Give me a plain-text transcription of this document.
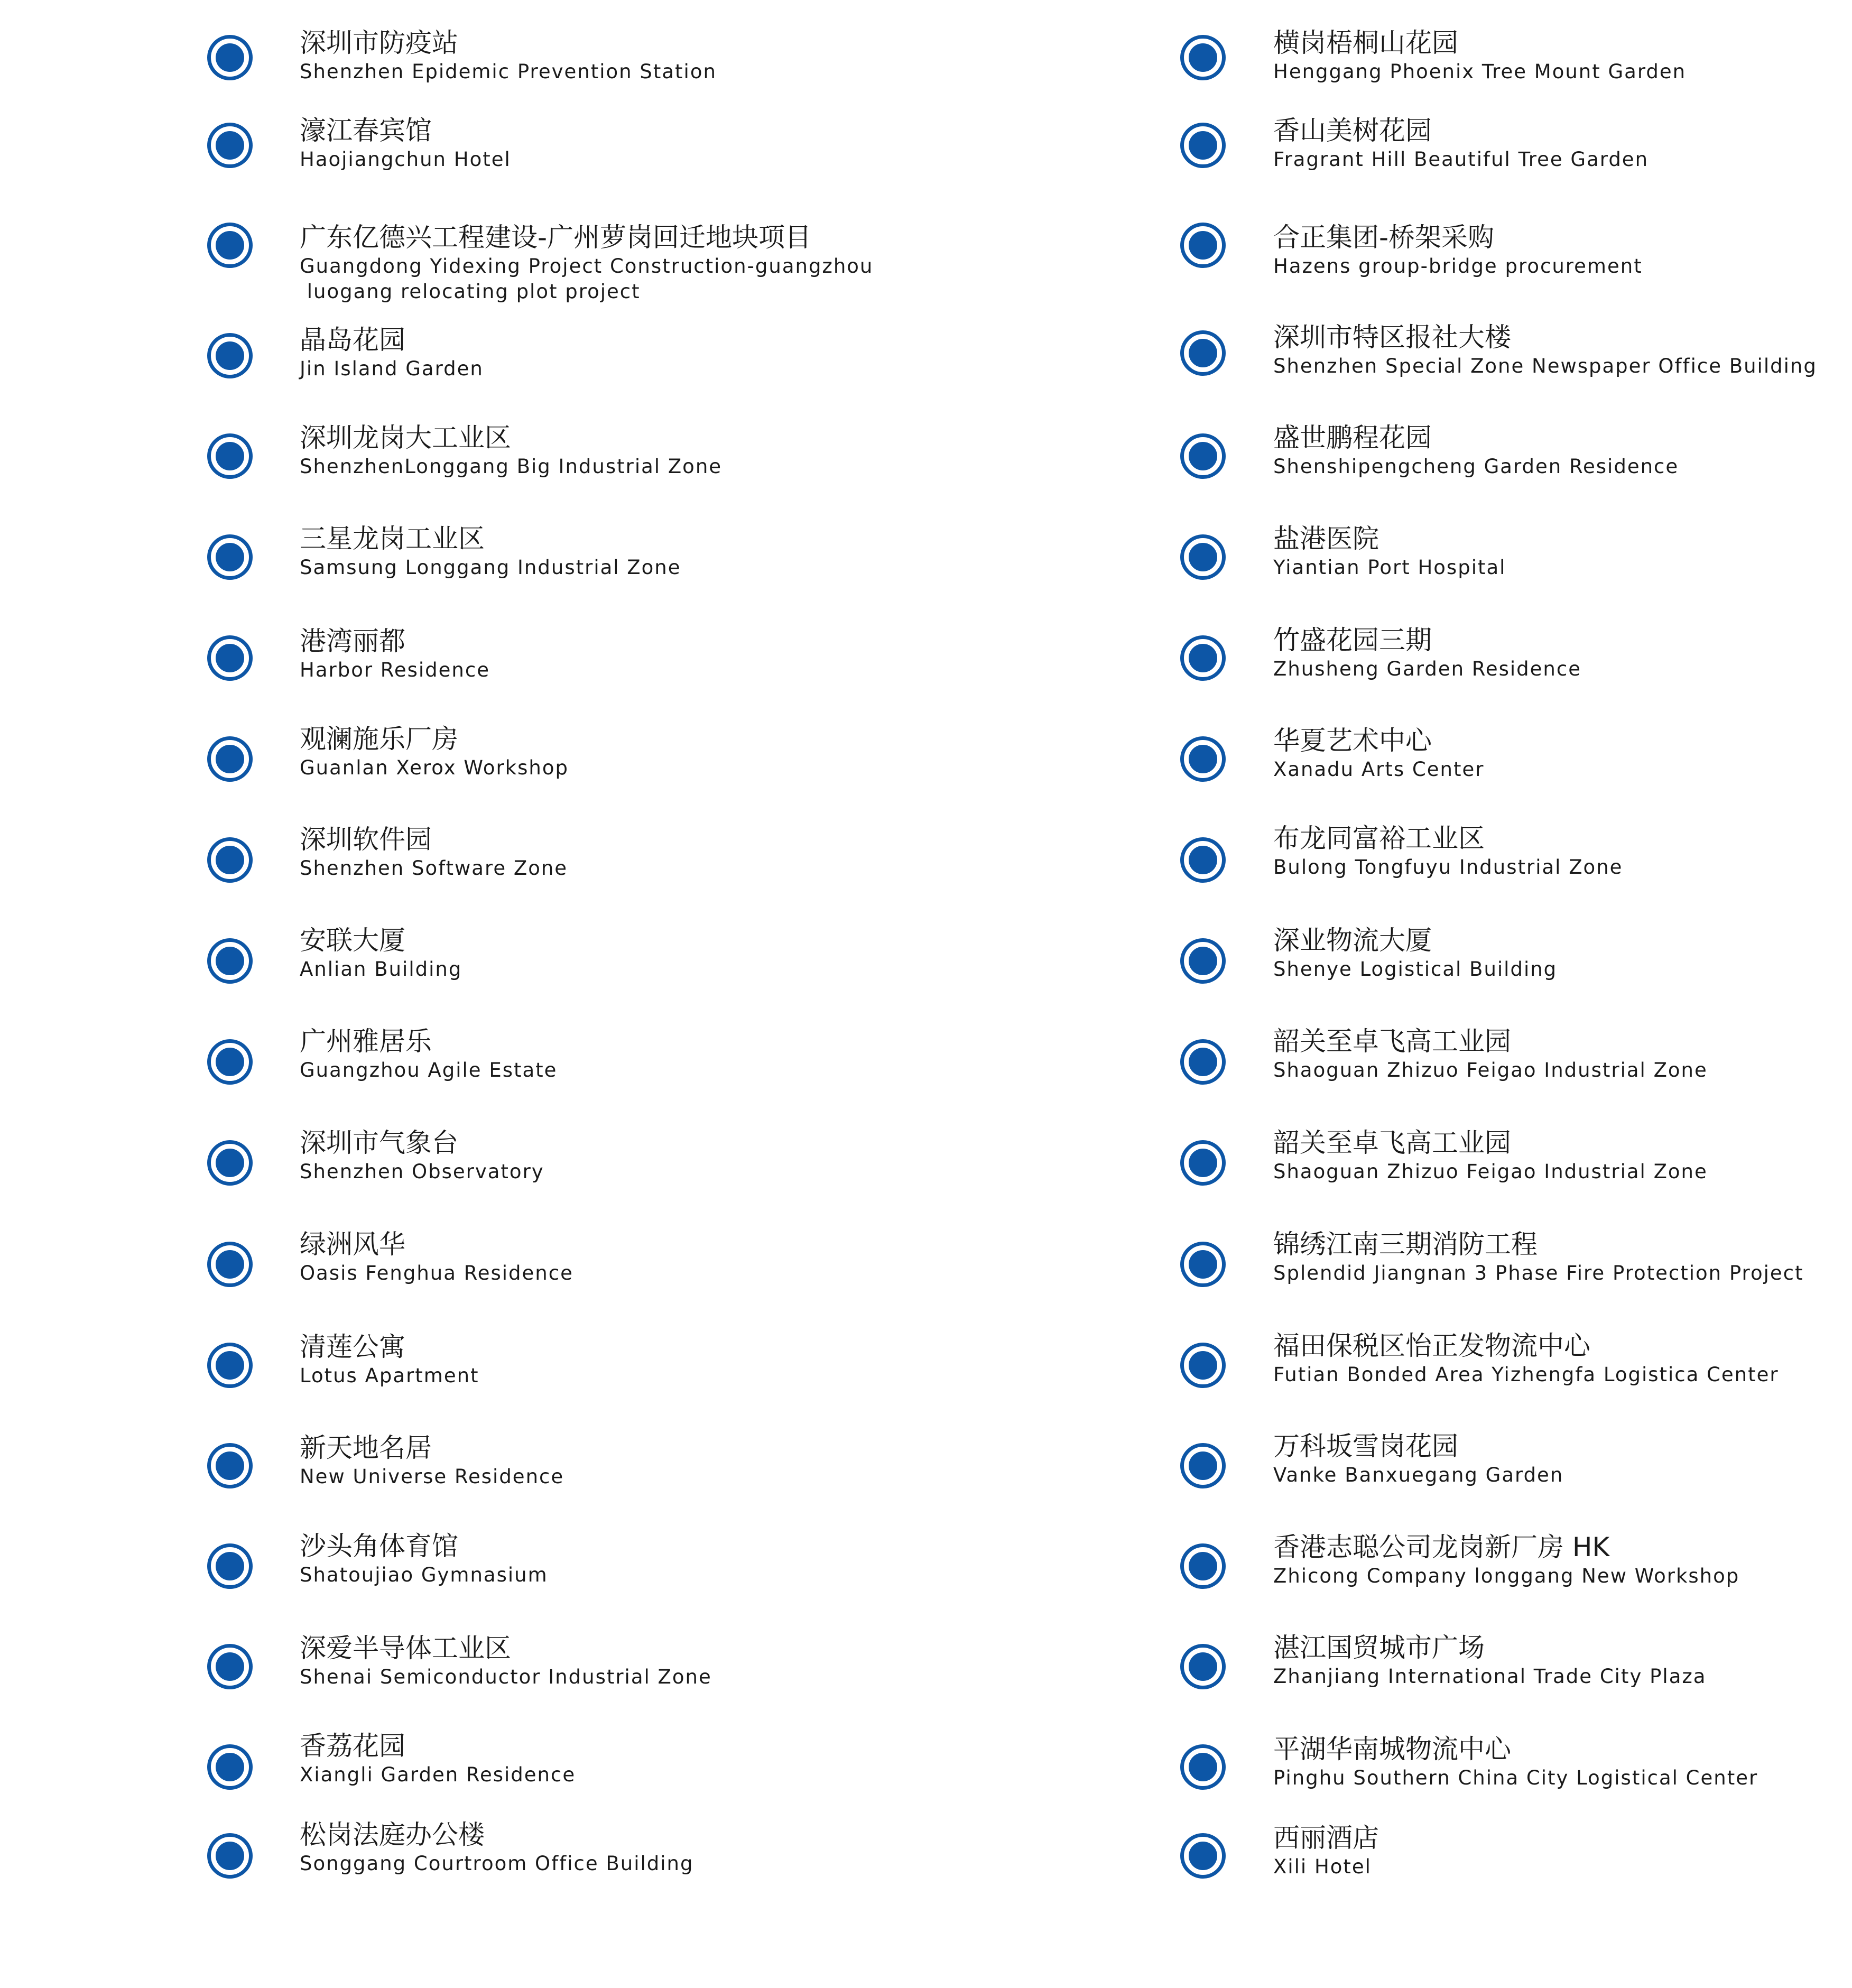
深圳市防疫站
Shenzhen Epidemic Prevention Station
濠江春宾馆
Haojiangchun Hotel
广东亿德兴工程建设-广州萝岗回迁地块项目
Guangdong Yidexing Project Construction-guangzhou
luogang relocating plot project
晶岛花园
Jin Island Garden
深圳龙岗大工业区
ShenzhenLonggang Big Industrial Zone
三星龙岗工业区
Samsung Longgang Industrial Zone
港湾丽都
Harbor Residence
观澜施乐厂房
Guanlan Xerox Workshop
深圳软件园
Shenzhen Software Zone
安联大厦
Anlian Building
广州雅居乐
Guangzhou Agile Estate
深圳市气象台
Shenzhen Observatory
绿洲风华
Oasis Fenghua Residence
清莲公寓
Lotus Apartment
新天地名居
New Universe Residence
沙头角体育馆
Shatoujiao Gymnasium
深爱半导体工业区
Shenai Semiconductor Industrial Zone
香荔花园
Xiangli Garden Residence
松岗法庭办公楼
Songgang Courtroom Office Building
横岗梧桐山花园
Henggang Phoenix Tree Mount Garden
香山美树花园
Fragrant Hill Beautiful Tree Garden
合正集团-桥架采购
Hazens group-bridge procurement
深圳市特区报社大楼
Shenzhen Special Zone Newspaper Office Building
盛世鹏程花园
Shenshipengcheng Garden Residence
盐港医院
Yiantian Port Hospital
竹盛花园三期
Zhusheng Garden Residence
华夏艺术中心
Xanadu Arts Center
布龙同富裕工业区
Bulong Tongfuyu Industrial Zone
深业物流大厦
Shenye Logistical Building
韶关至卓飞高工业园
Shaoguan Zhizuo Feigao Industrial Zone
韶关至卓飞高工业园
Shaoguan Zhizuo Feigao Industrial Zone
锦绣江南三期消防工程
Splendid Jiangnan 3 Phase Fire Protection Project
福田保税区怡正发物流中心
Futian Bonded Area Yizhengfa Logistica Center
万科坂雪岗花园
Vanke Banxuegang Garden
香港志聪公司龙岗新厂房 HK
Zhicong Company longgang New Workshop
湛江国贸城市广场
Zhanjiang International Trade City Plaza
平湖华南城物流中心
Pinghu Southern China City Logistical Center
西丽酒店
Xili Hotel
